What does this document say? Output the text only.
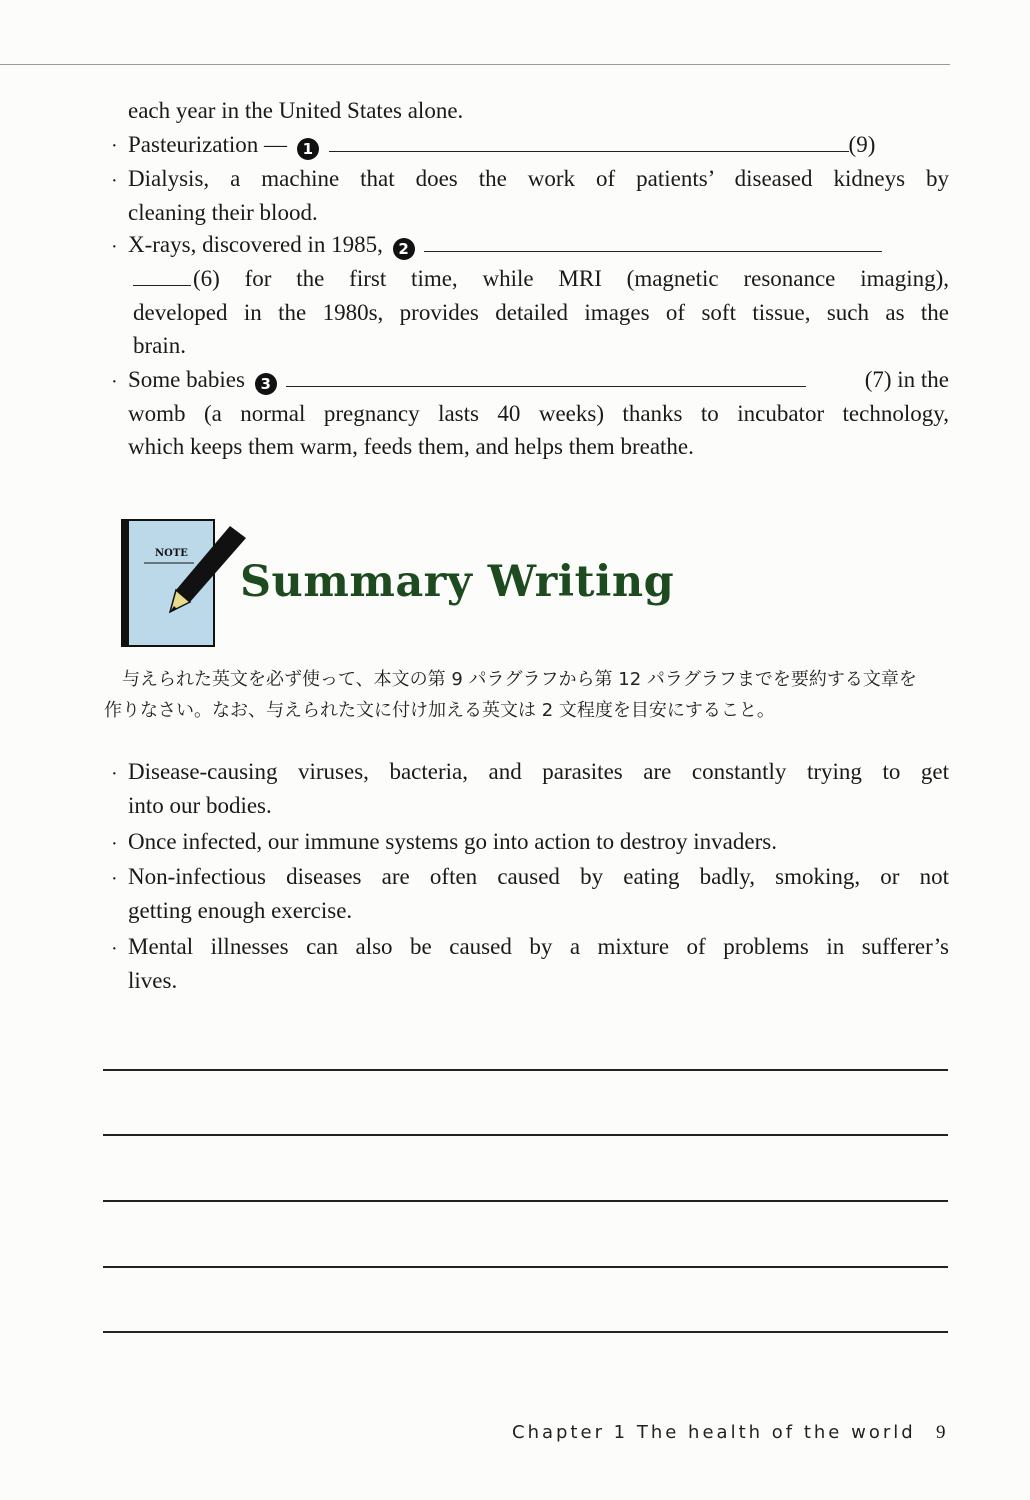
each year in the United States alone.
· Pasteurization — 1	(9)
· Dialysis, a machine that does the work of patients’ diseased kidneys by
cleaning their blood.
· X-rays, discovered in 1985, 2
(6) for the first time, while MRI (magnetic resonance imaging),
developed in the 1980s, provides detailed images of soft tissue, such as the
brain.
· Some babies 3	(7) in the
womb (a normal pregnancy lasts 40 weeks) thanks to incubator technology,
which keeps them warm, feeds them, and helps them breathe.
NOTE
Summary Writing
与えられた英文を必ず使って、本文の第 9 パラグラフから第 12 パラグラフまでを要約する文章を
作りなさい。なお、与えられた文に付け加える英文は 2 文程度を目安にすること。
· Disease-causing viruses, bacteria, and parasites are constantly trying to get
into our bodies.
· Once infected, our immune systems go into action to destroy invaders.
· Non-infectious diseases are often caused by eating badly, smoking, or not
getting enough exercise.
· Mental illnesses can also be caused by a mixture of problems in sufferer’s
lives.
Chapter 1 The health of the world 9
